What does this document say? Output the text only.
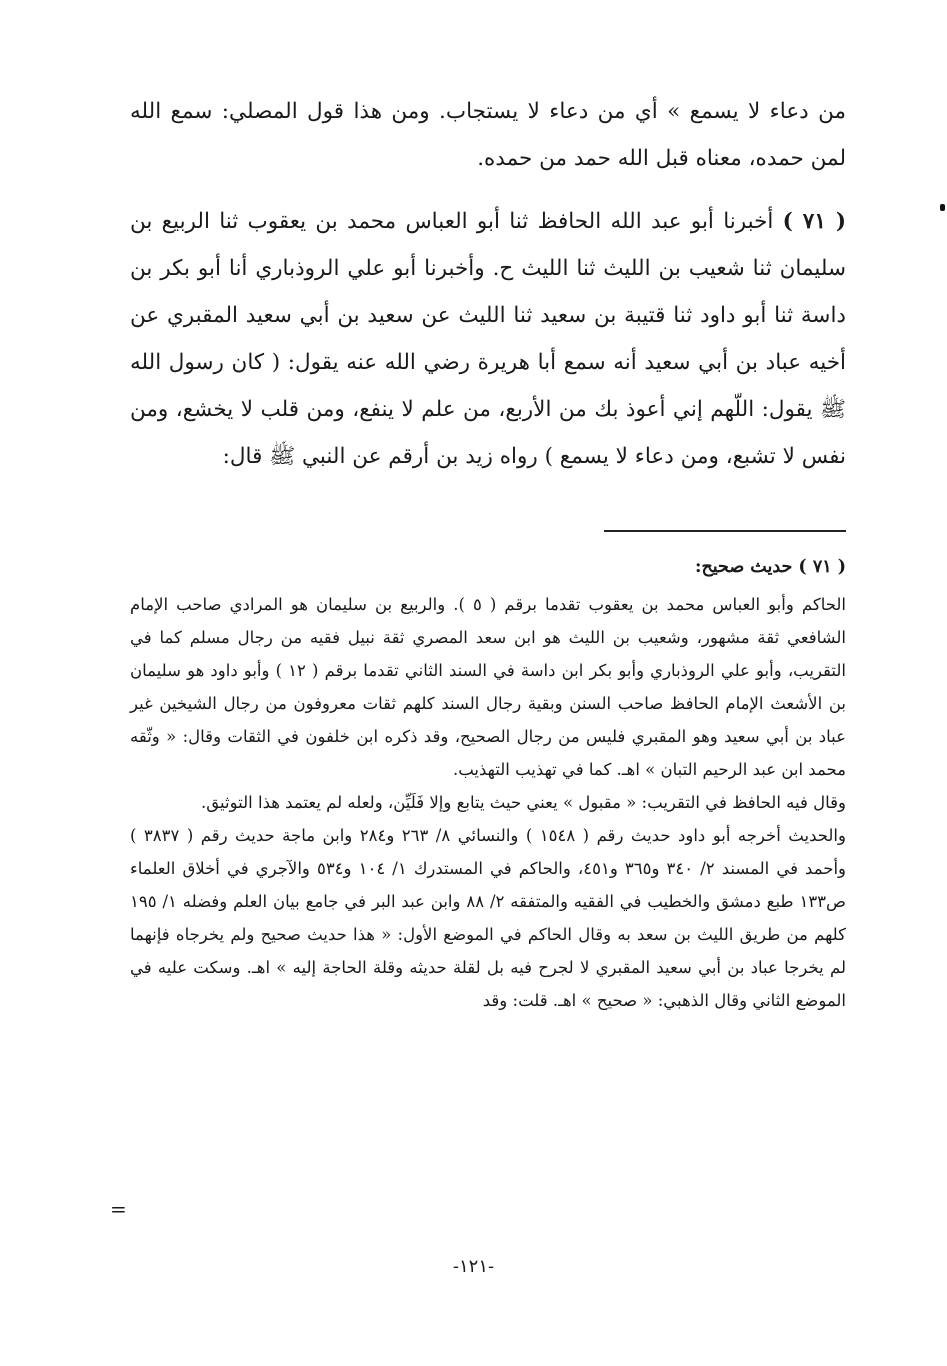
من دعاء لا يسمع » أي من دعاء لا يستجاب. ومن هذا قول المصلي: سمع الله لمن حمده، معناه قبل الله حمد من حمده.

( ٧١ ) أخبرنا أبو عبد الله الحافظ ثنا أبو العباس محمد بن يعقوب ثنا الربيع بن سليمان ثنا شعيب بن الليث ثنا الليث ح. وأخبرنا أبو علي الروذباري أنا أبو بكر بن داسة ثنا أبو داود ثنا قتيبة بن سعيد ثنا الليث عن سعيد بن أبي سعيد المقبري عن أخيه عباد بن أبي سعيد أنه سمع أبا هريرة رضي الله عنه يقول: ( كان رسول الله ﷺ يقول: اللّهم إني أعوذ بك من الأربع، من علم لا ينفع، ومن قلب لا يخشع، ومن نفس لا تشبع، ومن دعاء لا يسمع ) رواه زيد بن أرقم عن النبي ﷺ قال:

( ٧١ ) حديث صحيح:

الحاكم وأبو العباس محمد بن يعقوب تقدما برقم ( ٥ ). والربيع بن سليمان هو المرادي صاحب الإمام الشافعي ثقة مشهور، وشعيب بن الليث هو ابن سعد المصري ثقة نبيل فقيه من رجال مسلم كما في التقريب، وأبو علي الروذباري وأبو بكر ابن داسة في السند الثاني تقدما برقم ( ١٢ ) وأبو داود هو سليمان بن الأشعث الإمام الحافظ صاحب السنن وبقية رجال السند كلهم ثقات معروفون من رجال الشيخين غير عباد بن أبي سعيد وهو المقبري فليس من رجال الصحيح، وقد ذكره ابن خلفون في الثقات وقال: « وثّقه محمد ابن عبد الرحيم التبان » اهـ. كما في تهذيب التهذيب.

وقال فيه الحافظ في التقريب: « مقبول » يعني حيث يتابع وإلا فَلَيِّن، ولعله لم يعتمد هذا التوثيق.

والحديث أخرجه أبو داود حديث رقم ( ١٥٤٨ ) والنسائي ٨/ ٢٦٣ و٢٨٤ وابن ماجة حديث رقم ( ٣٨٣٧ ) وأحمد في المسند ٢/ ٣٤٠ و٣٦٥ و٤٥١، والحاكم في المستدرك ١/ ١٠٤ و٥٣٤ والآجري في أخلاق العلماء ص١٣٣ طبع دمشق والخطيب في الفقيه والمتفقه ٢/ ٨٨ وابن عبد البر في جامع بيان العلم وفضله ١/ ١٩٥ كلهم من طريق الليث بن سعد به وقال الحاكم في الموضع الأول: « هذا حديث صحيح ولم يخرجاه فإنهما لم يخرجا عباد بن أبي سعيد المقبري لا لجرح فيه بل لقلة حديثه وقلة الحاجة إليه » اهـ. وسكت عليه في الموضع الثاني وقال الذهبي: « صحيح » اهـ. قلت: وقد

=
-١٢١-
